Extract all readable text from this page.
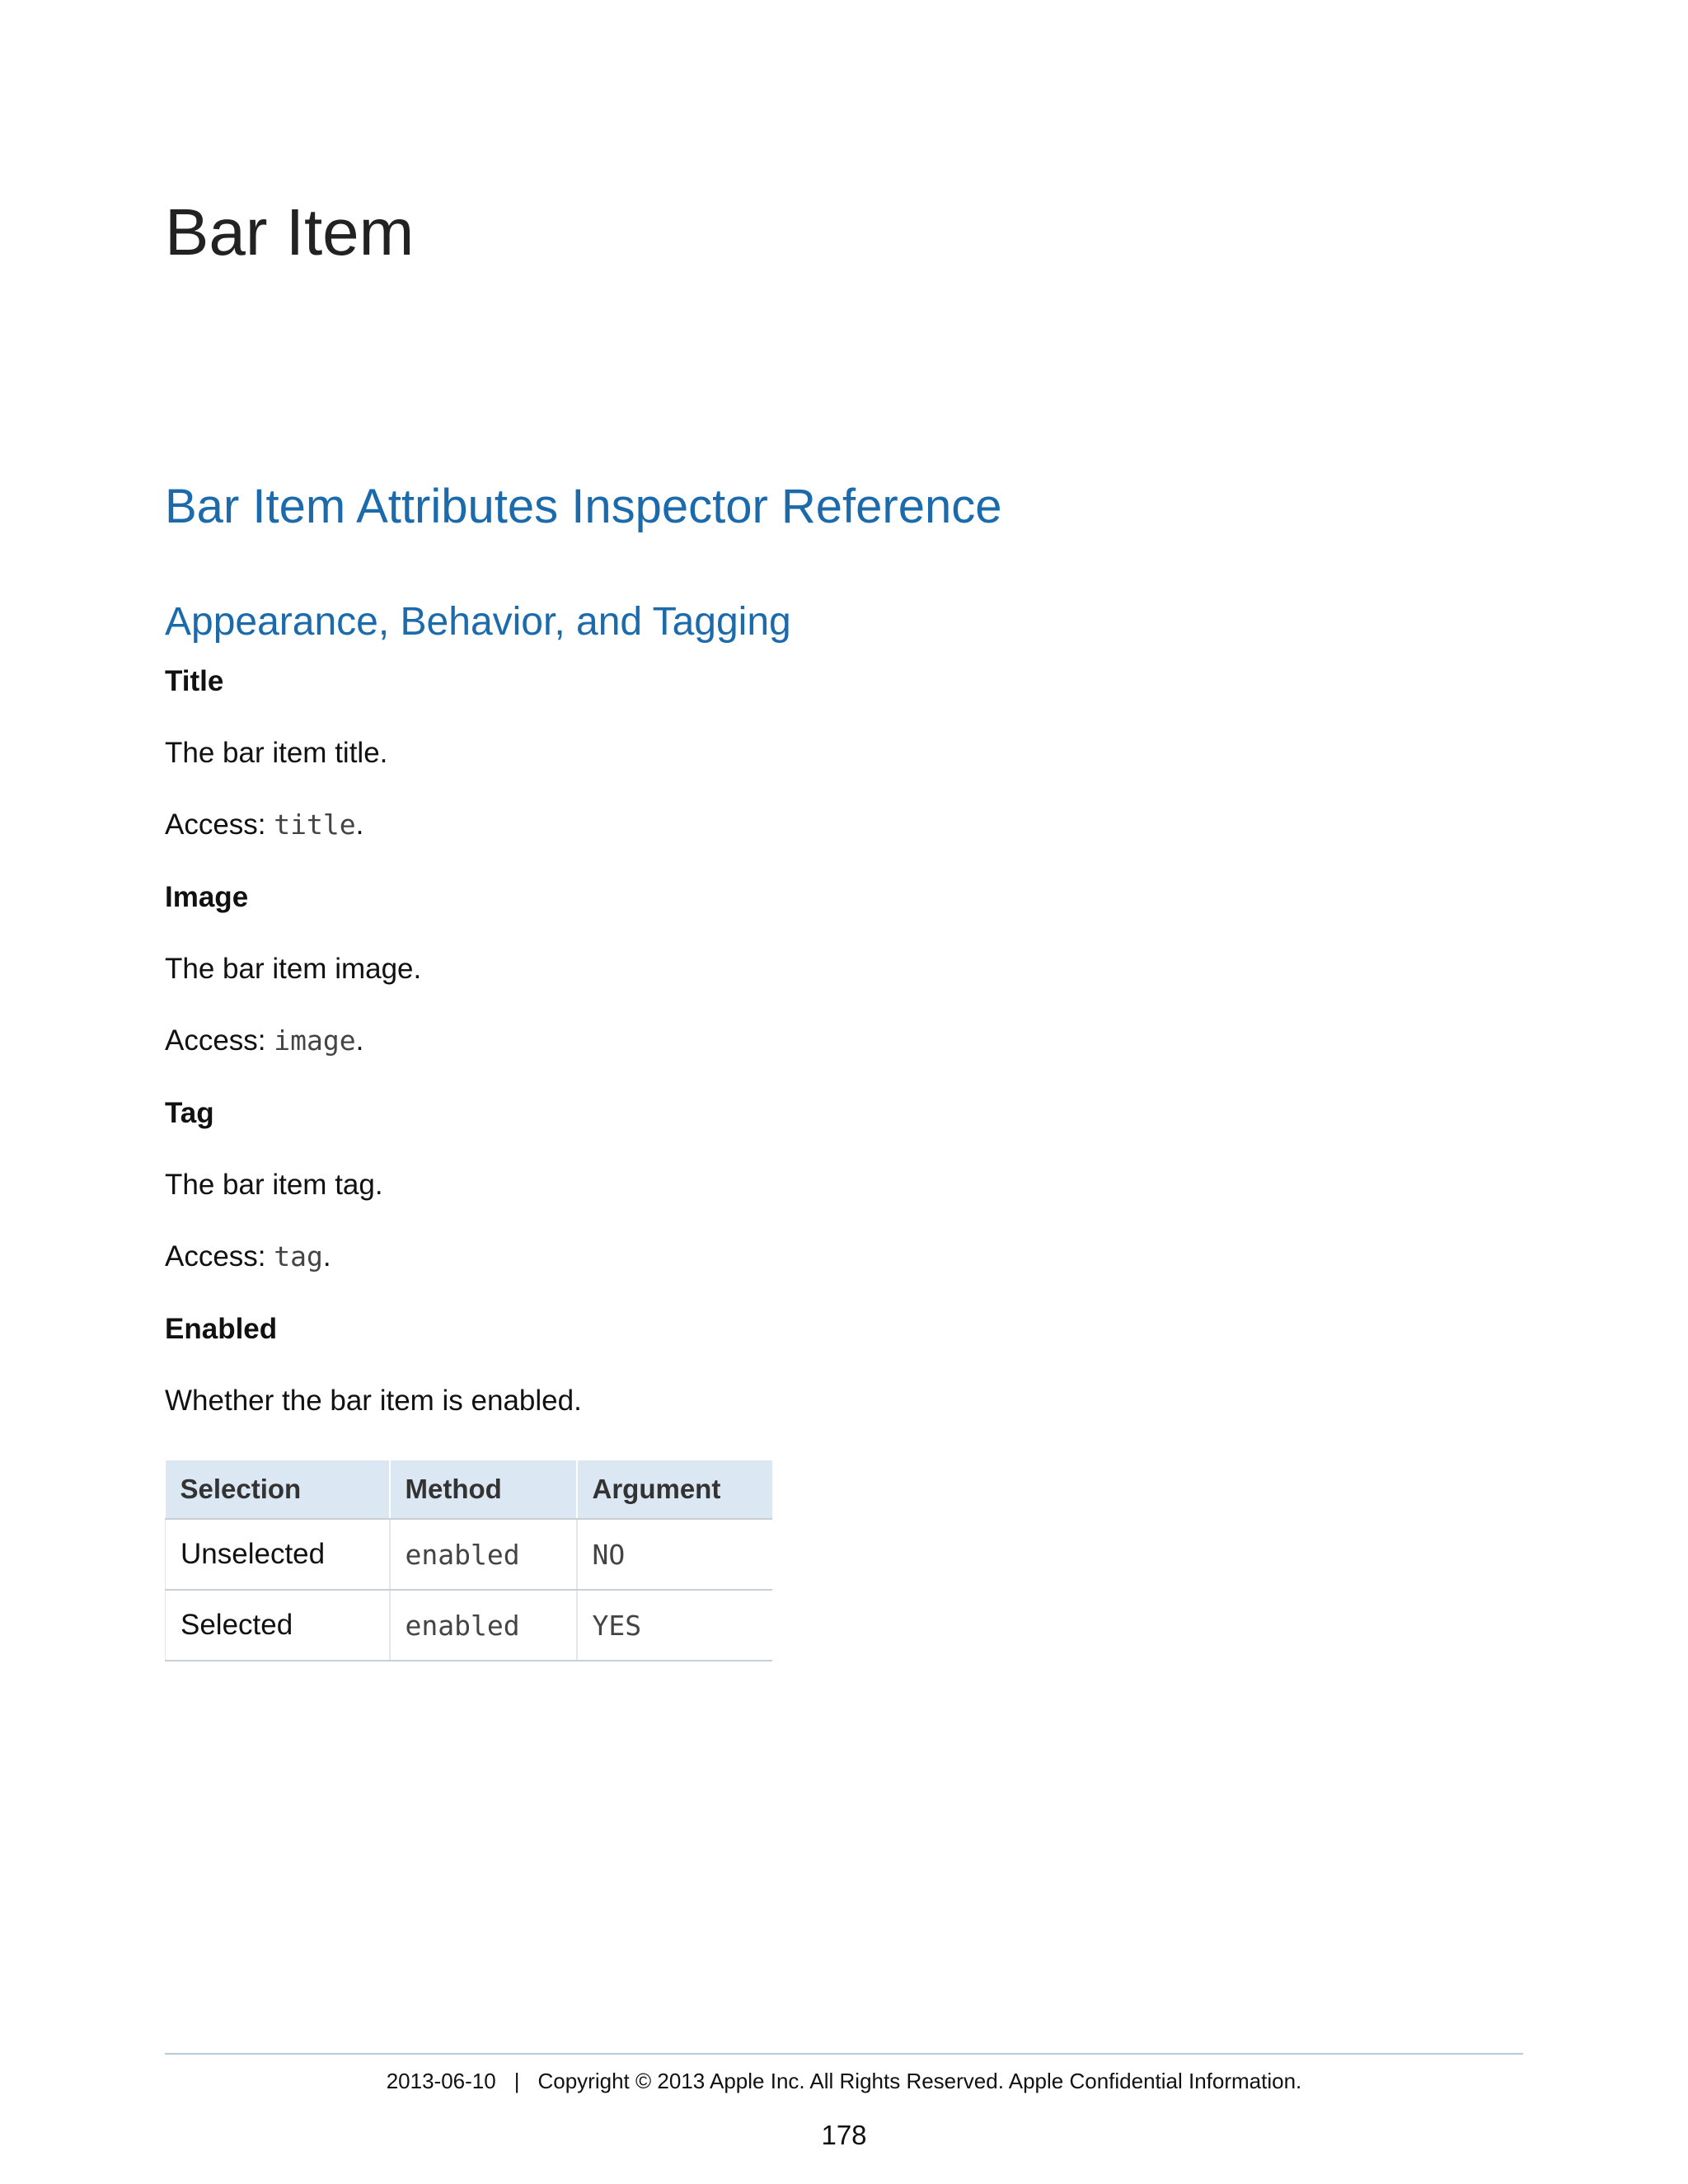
Bar Item
Bar Item Attributes Inspector Reference
Appearance, Behavior, and Tagging
Title
The bar item title.
Access: title.
Image
The bar item image.
Access: image.
Tag
The bar item tag.
Access: tag.
Enabled
Whether the bar item is enabled.
Selection	Method	Argument
Unselected	enabled	NO
Selected	enabled	YES
2013-06-10 | Copyright © 2013 Apple Inc. All Rights Reserved. Apple Confidential Information.
178
